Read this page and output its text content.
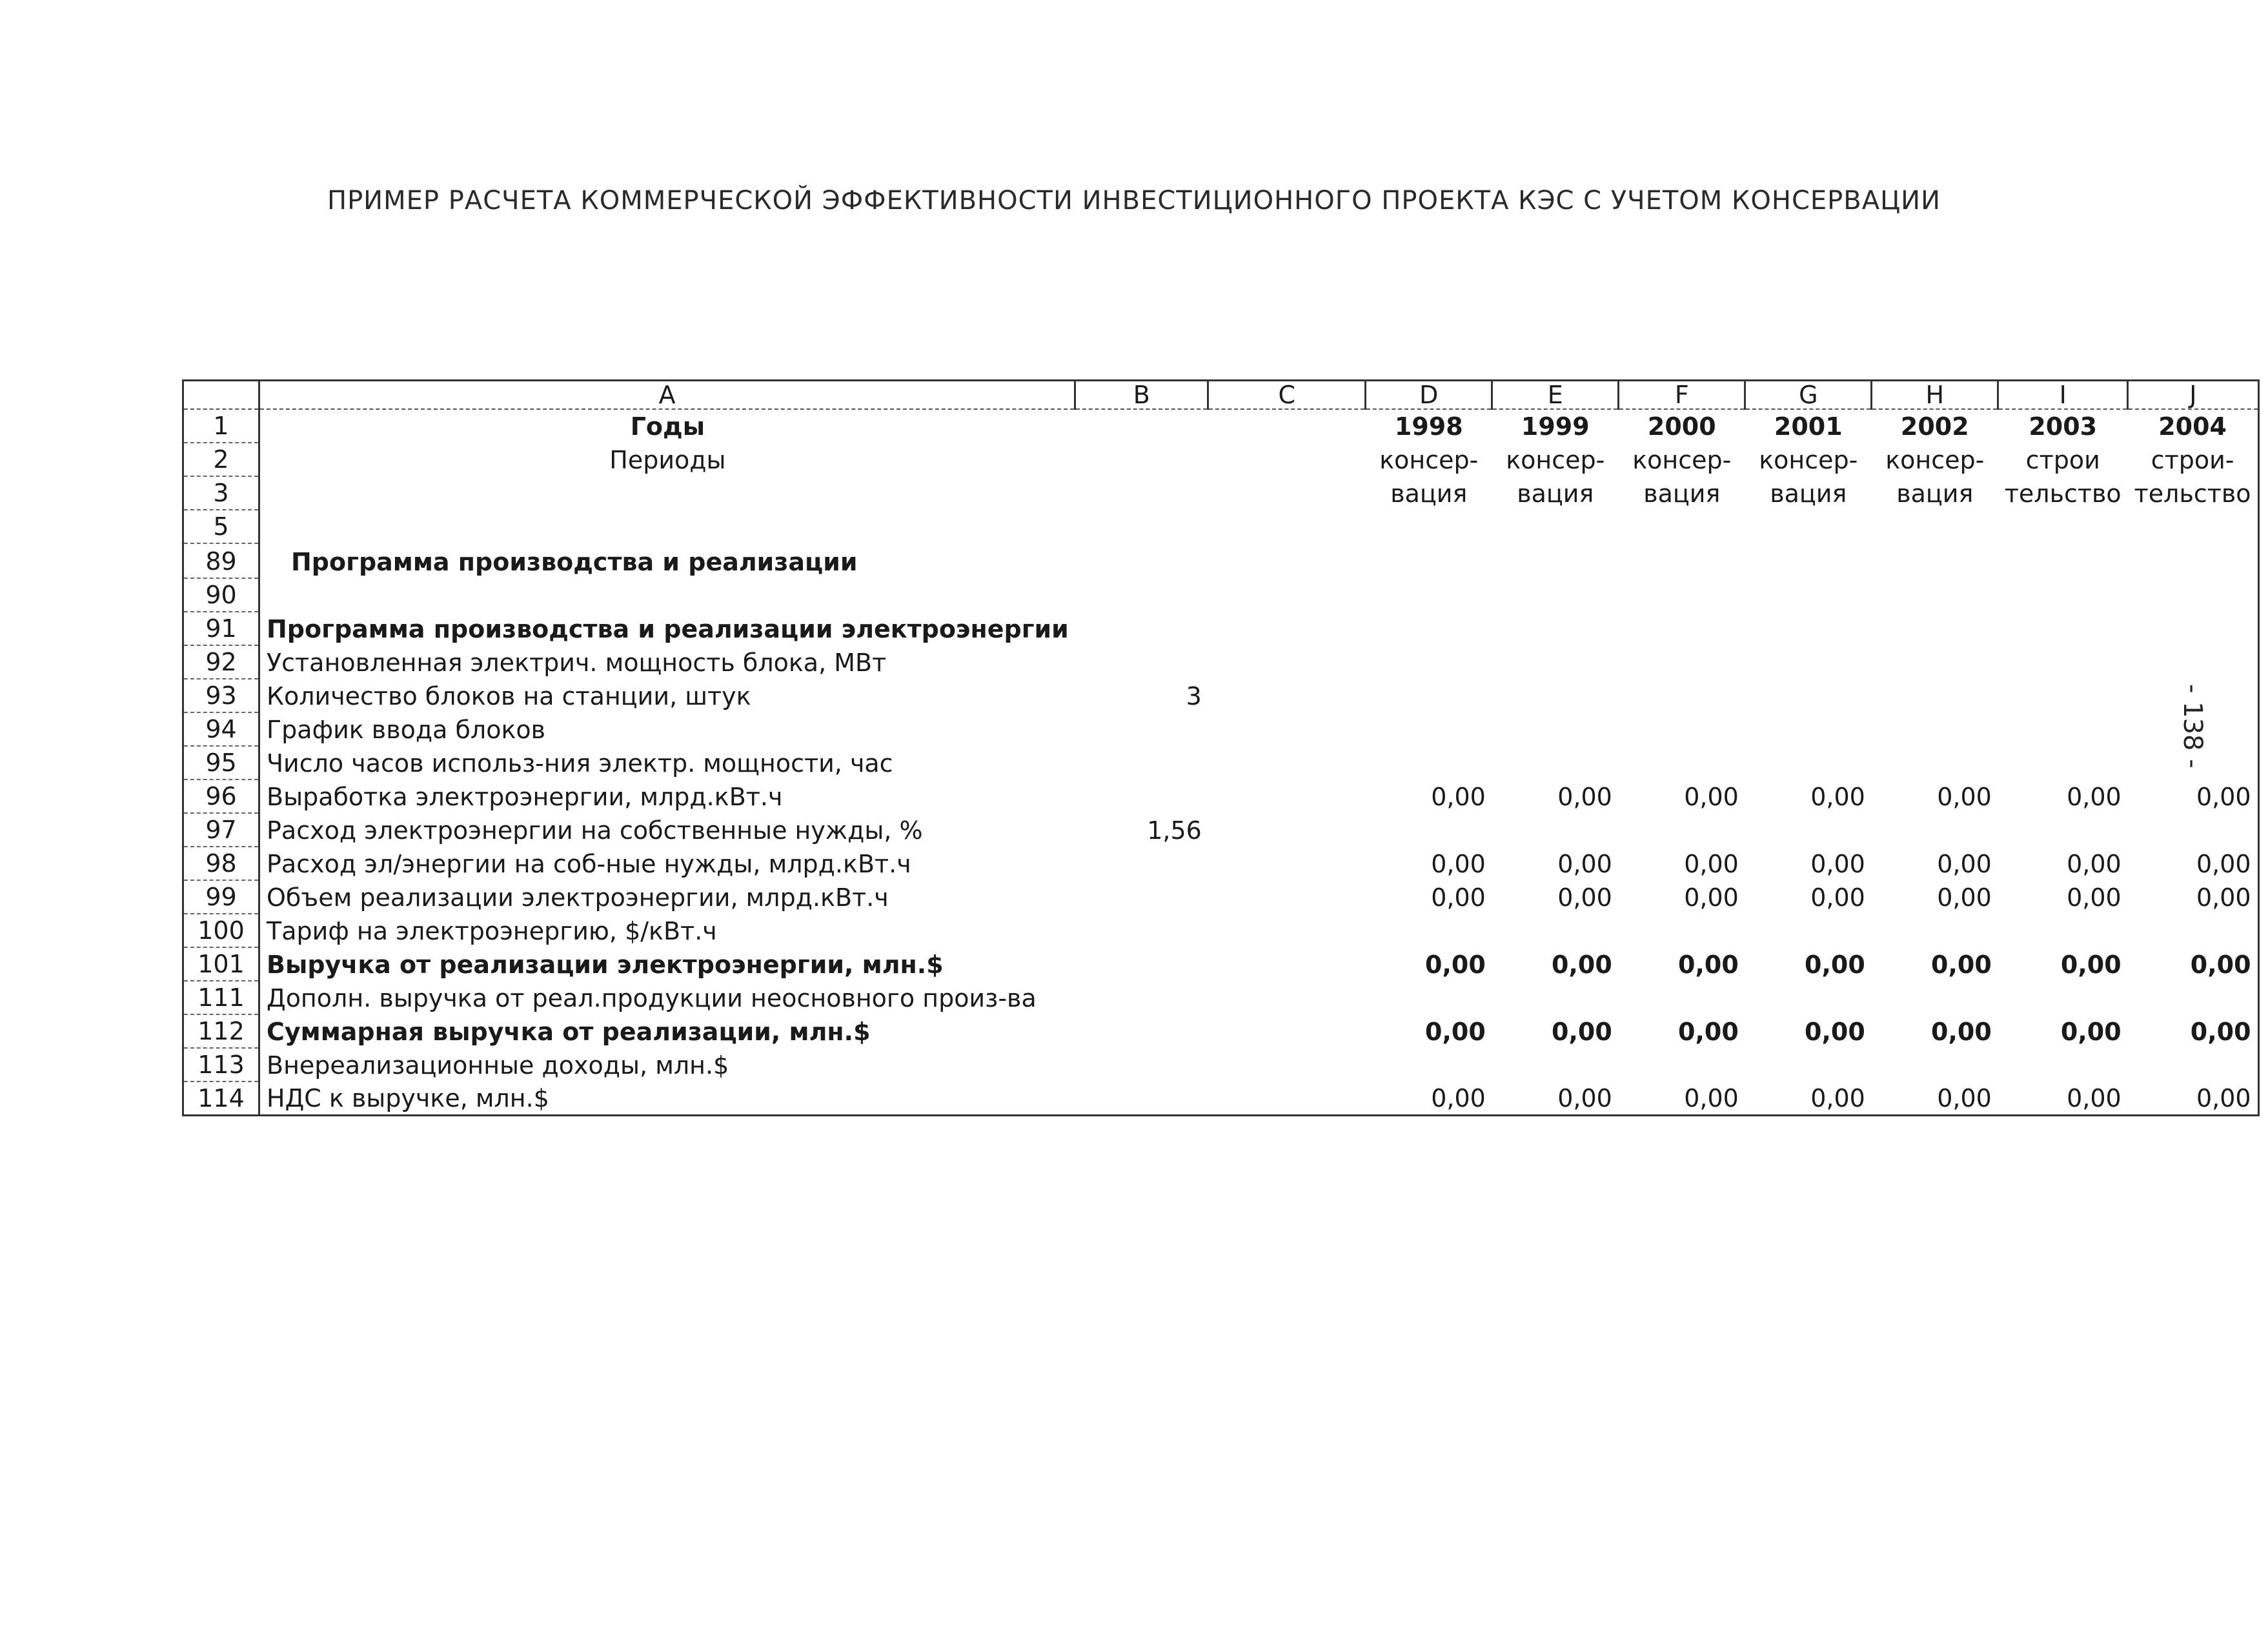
ПРИМЕР РАСЧЕТА КОММЕРЧЕСКОЙ ЭФФЕКТИВНОСТИ ИНВЕСТИЦИОННОГО ПРОЕКТА КЭС С УЧЕТОМ КОНСЕРВАЦИИ
	A	B	C	D	E	F	G	H	I	J
1	Годы			1998	1999	2000	2001	2002	2003	2004
2	Периоды			консер-	консер-	консер-	консер-	консер-	строи	строи-
3				вация	вация	вация	вация	вация	тельство	тельство
5										
89	Программа производства и реализации									
90										
91	Программа производства и реализации электроэнергии									
92	Установленная электрич. мощность блока, МВт									
93	Количество блоков на станции, штук	3								
94	График ввода блоков									
95	Число часов использ-ния электр. мощности, час									
96	Выработка электроэнергии, млрд.кВт.ч			0,00	0,00	0,00	0,00	0,00	0,00	0,00
97	Расход электроэнергии на собственные нужды, %	1,56								
98	Расход эл/энергии на соб-ные нужды, млрд.кВт.ч			0,00	0,00	0,00	0,00	0,00	0,00	0,00
99	Объем реализации электроэнергии, млрд.кВт.ч			0,00	0,00	0,00	0,00	0,00	0,00	0,00
100	Тариф на электроэнергию, $/кВт.ч									
101	Выручка от реализации электроэнергии, млн.$			0,00	0,00	0,00	0,00	0,00	0,00	0,00
111	Дополн. выручка от реал.продукции неосновного произ-ва									
112	Суммарная выручка от реализации, млн.$			0,00	0,00	0,00	0,00	0,00	0,00	0,00
113	Внереализационные доходы, млн.$									
114	НДС к выручке, млн.$			0,00	0,00	0,00	0,00	0,00	0,00	0,00
- 138 -
